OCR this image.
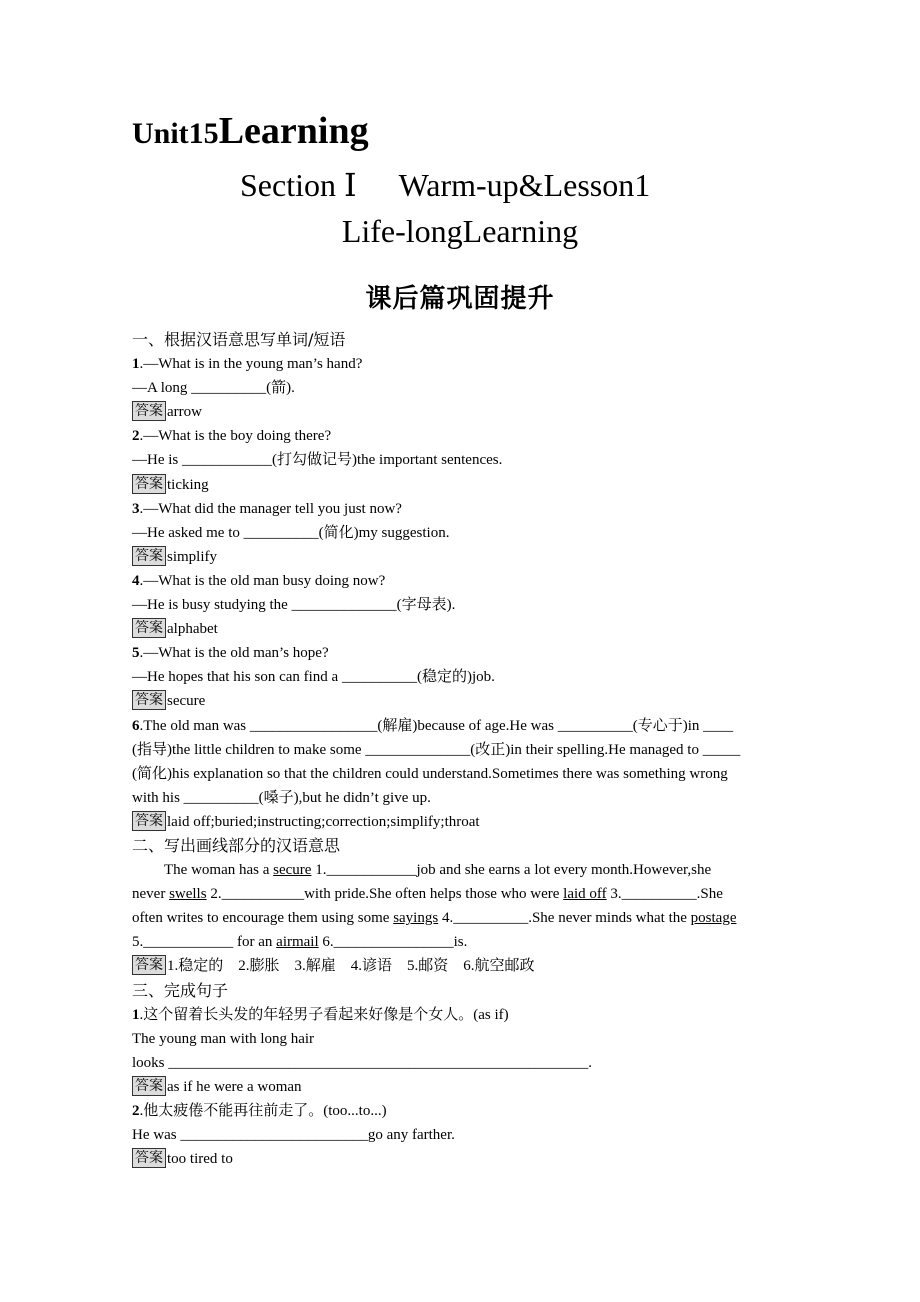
Unit15Learning
Section Ⅰ Warm-up&Lesson1
Life-longLearning
课后篇巩固提升
一、根据汉语意思写单词/短语
1.—What is in the young man’s hand?
—A long __________(箭).
答案 arrow
2.—What is the boy doing there?
—He is ____________(打勾做记号)the important sentences.
答案 ticking
3.—What did the manager tell you just now?
—He asked me to __________(简化)my suggestion.
答案 simplify
4.—What is the old man busy doing now?
—He is busy studying the ______________(字母表).
答案 alphabet
5.—What is the old man’s hope?
—He hopes that his son can find a __________(稳定的)job.
答案 secure
6.The old man was _________________(解雇)because of age.He was __________(专心于)in ____
(指导)the little children to make some ______________(改正)in their spelling.He managed to _____
(简化)his explanation so that the children could understand.Sometimes there was something wrong
with his __________(嗓子),but he didn’t give up.
答案 laid off;buried;instructing;correction;simplify;throat
二、写出画线部分的汉语意思
The woman has a secure 1.____________job and she earns a lot every month.However,she
never swells 2.___________with pride.She often helps those who were laid off 3.__________.She
often writes to encourage them using some sayings 4.__________.She never minds what the postage
5.____________ for an airmail 6.________________is.
答案 1.稳定的　2.膨胀　3.解雇　4.谚语　5.邮资　6.航空邮政
三、完成句子
1.这个留着长头发的年轻男子看起来好像是个女人。(as if)
The young man with long hair
looks ________________________________________________________.
答案 as if he were a woman
2.他太疲倦不能再往前走了。(too...to...)
He was _________________________go any farther.
答案 too tired to
